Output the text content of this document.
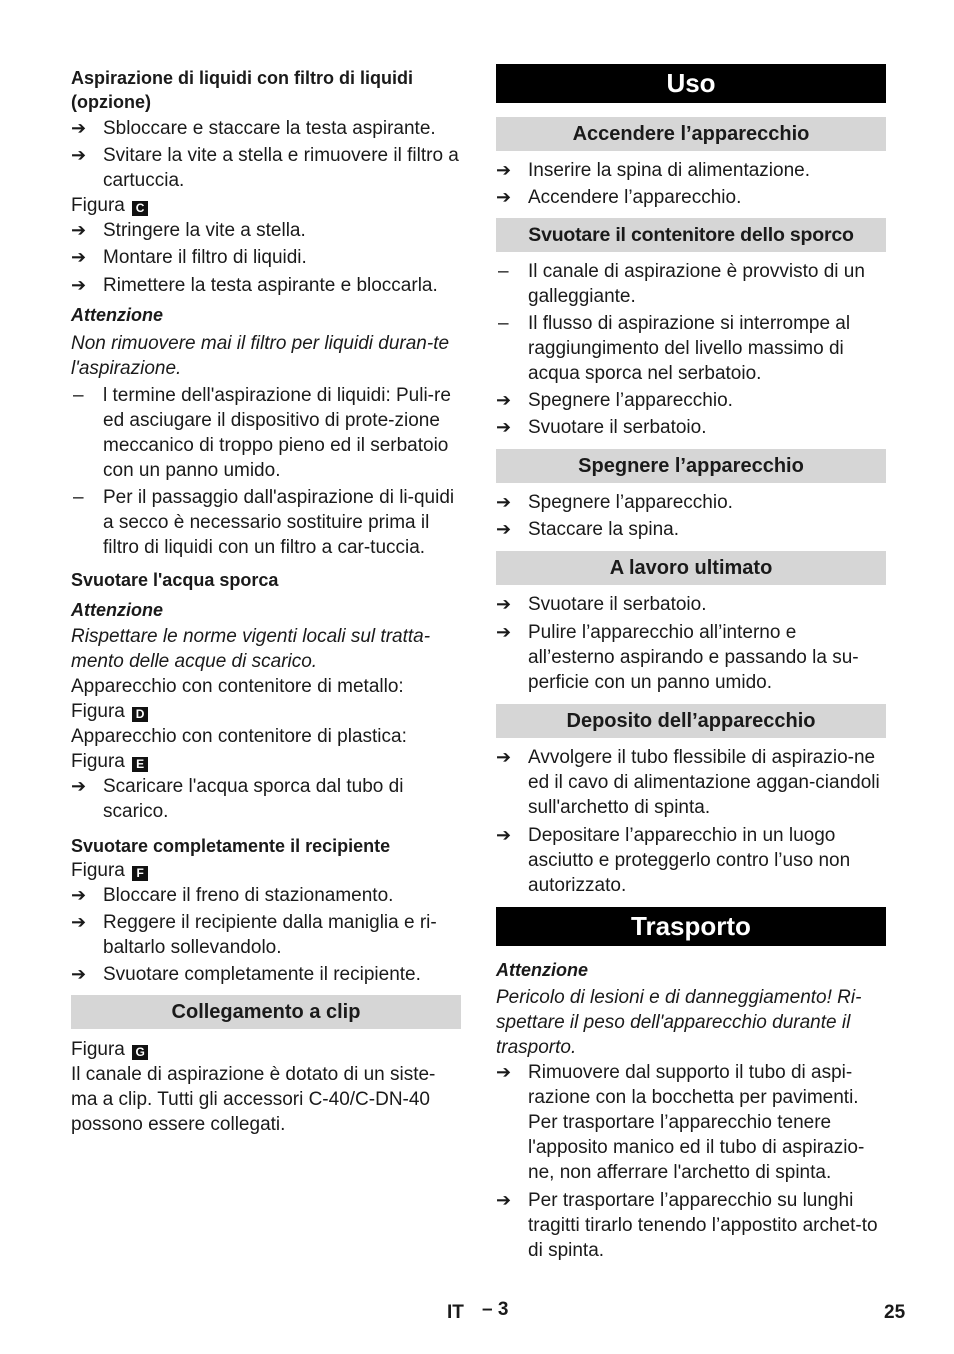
Aspirazione di liquidi con filtro di liquidi (opzione)
➔ Sbloccare e staccare la testa aspirante.
➔ Svitare la vite a stella e rimuovere il filtro a cartuccia.
Figura C
➔ Stringere la vite a stella.
➔ Montare il filtro di liquidi.
➔ Rimettere la testa aspirante e bloccarla.
Attenzione
Non rimuovere mai il filtro per liquidi duran-te l'aspirazione.
–	l termine dell'aspirazione di liquidi: Puli-re ed asciugare il dispositivo di prote-zione meccanico di troppo pieno ed il serbatoio con un panno umido.
–	Per il passaggio dall'aspirazione di li-quidi a secco è necessario sostituire prima il filtro di liquidi con un filtro a car-tuccia.
Svuotare l'acqua sporca
Attenzione
Rispettare le norme vigenti locali sul tratta-mento delle acque di scarico.
Apparecchio con contenitore di metallo:
Figura D
Apparecchio con contenitore di plastica:
Figura E
➔ Scaricare l'acqua sporca dal tubo di scarico.
Svuotare completamente il recipiente
Figura F
➔ Bloccare il freno di stazionamento.
➔ Reggere il recipiente dalla maniglia e ri-baltarlo sollevandolo.
➔ Svuotare completamente il recipiente.
Collegamento a clip
Figura G
Il canale di aspirazione è dotato di un siste-ma a clip. Tutti gli accessori C-40/C-DN-40 possono essere collegati.
Uso
Accendere l’apparecchio
➔ Inserire la spina di alimentazione.
➔ Accendere l’apparecchio.
Svuotare il contenitore dello sporco
–	Il canale di aspirazione è provvisto di un galleggiante.
–	Il flusso di aspirazione si interrompe al raggiungimento del livello massimo di acqua sporca nel serbatoio.
➔ Spegnere l’apparecchio.
➔ Svuotare il serbatoio.
Spegnere l’apparecchio
➔ Spegnere l’apparecchio.
➔ Staccare la spina.
A lavoro ultimato
➔ Svuotare il serbatoio.
➔ Pulire l’apparecchio all’interno e all’esterno aspirando e passando la su-perficie con un panno umido.
Deposito dell’apparecchio
➔ Avvolgere il tubo flessibile di aspirazio-ne ed il cavo di alimentazione aggan-ciandoli sull'archetto di spinta.
➔ Depositare l’apparecchio in un luogo asciutto e proteggerlo contro l’uso non autorizzato.
Trasporto
Attenzione
Pericolo di lesioni e di danneggiamento! Ri-spettare il peso dell'apparecchio durante il trasporto.
➔ Rimuovere dal supporto il tubo di aspi-razione con la bocchetta per pavimenti. Per trasportare l’apparecchio tenere l'apposito manico ed il tubo di aspirazio-ne, non afferrare l'archetto di spinta.
➔ Per trasportare l’apparecchio su lunghi tragitti tirarlo tenendo l’appostito archet-to di spinta.
IT – 3	25
